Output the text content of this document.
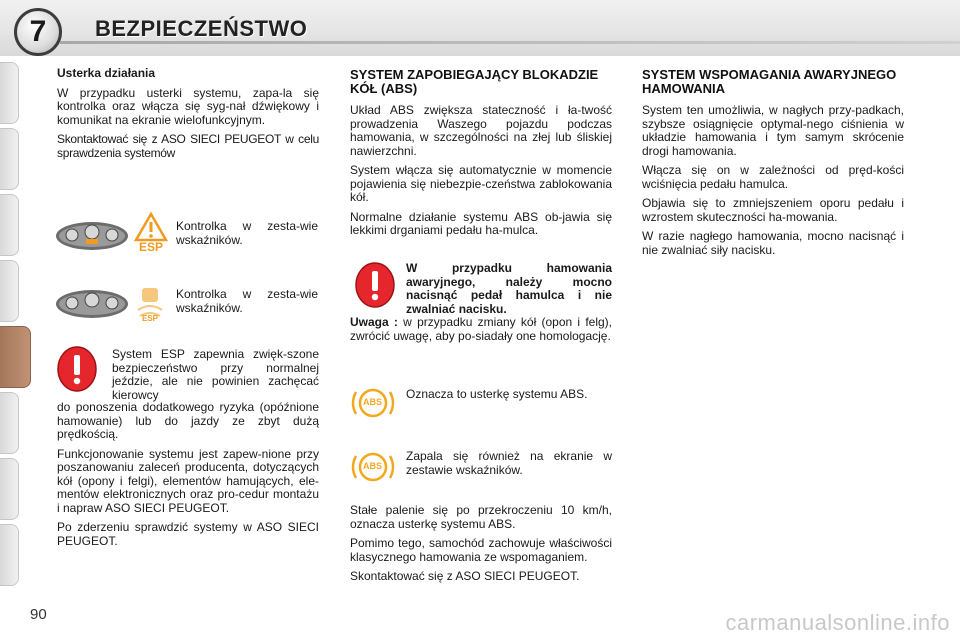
7 BEZPIECZEŃSTWO
Usterka działania

W przypadku usterki systemu, zapa-la się kontrolka oraz włącza się syg-nał dźwiękowy i komunikat na ekranie wielofunkcyjnym.

Skontaktować się z ASO SIECI PEUGEOT w celu sprawdzenia systemów

ESP
Kontrolka w zesta-wie wskaźników.
ESP
Kontrolka w zesta-wie wskaźników.

System ESP zapewnia zwięk-szone bezpieczeństwo przy normalnej jeździe, ale nie powinien zachęcać kierowcy

do ponoszenia dodatkowego ryzyka (opóźnione hamowanie) lub do jazdy ze zbyt dużą prędkością.

Funkcjonowanie systemu jest zapew-nione przy poszanowaniu zaleceń producenta, dotyczących kół (opony i felgi), elementów hamujących, ele-mentów elektronicznych oraz pro-cedur montażu i napraw ASO SIECI PEUGEOT.

Po zderzeniu sprawdzić systemy w ASO SIECI PEUGEOT.

SYSTEM ZAPOBIEGAJĄCY BLOKADZIE KÓŁ (ABS)

Układ ABS zwiększa stateczność i ła-twość prowadzenia Waszego pojazdu podczas hamowania, w szczególności na złej lub śliskiej nawierzchni.

System włącza się automatycznie w momencie pojawienia się niebezpie-czeństwa zablokowania kół.

Normalne działanie systemu ABS ob-jawia się lekkimi drganiami pedału ha-mulca.

W przypadku hamowania awaryjnego, należy mocno nacisnąć pedał hamulca i nie zwalniać nacisku.

Uwaga : w przypadku zmiany kół (opon i felg), zwrócić uwagę, aby po-siadały one homologację.

ABS
Oznacza to usterkę systemu ABS.
ABS
Zapala się również na ekranie w zestawie wskaźników.

Stałe palenie się po przekroczeniu 10 km/h, oznacza usterkę systemu ABS.

Pomimo tego, samochód zachowuje właściwości klasycznego hamowania ze wspomaganiem.

Skontaktować się z ASO SIECI PEUGEOT.

SYSTEM WSPOMAGANIA AWARYJNEGO HAMOWANIA

System ten umożliwia, w nagłych przy-padkach, szybsze osiągnięcie optymal-nego ciśnienia w układzie hamowania i tym samym skrócenie drogi hamowania.

Włącza się on w zależności od pręd-kości wciśnięcia pedału hamulca.

Objawia się to zmniejszeniem oporu pedału i wzrostem skuteczności ha-mowania.

W razie nagłego hamowania, mocno nacisnąć i nie zwalniać siły nacisku.

90	carmanualsonline.info
